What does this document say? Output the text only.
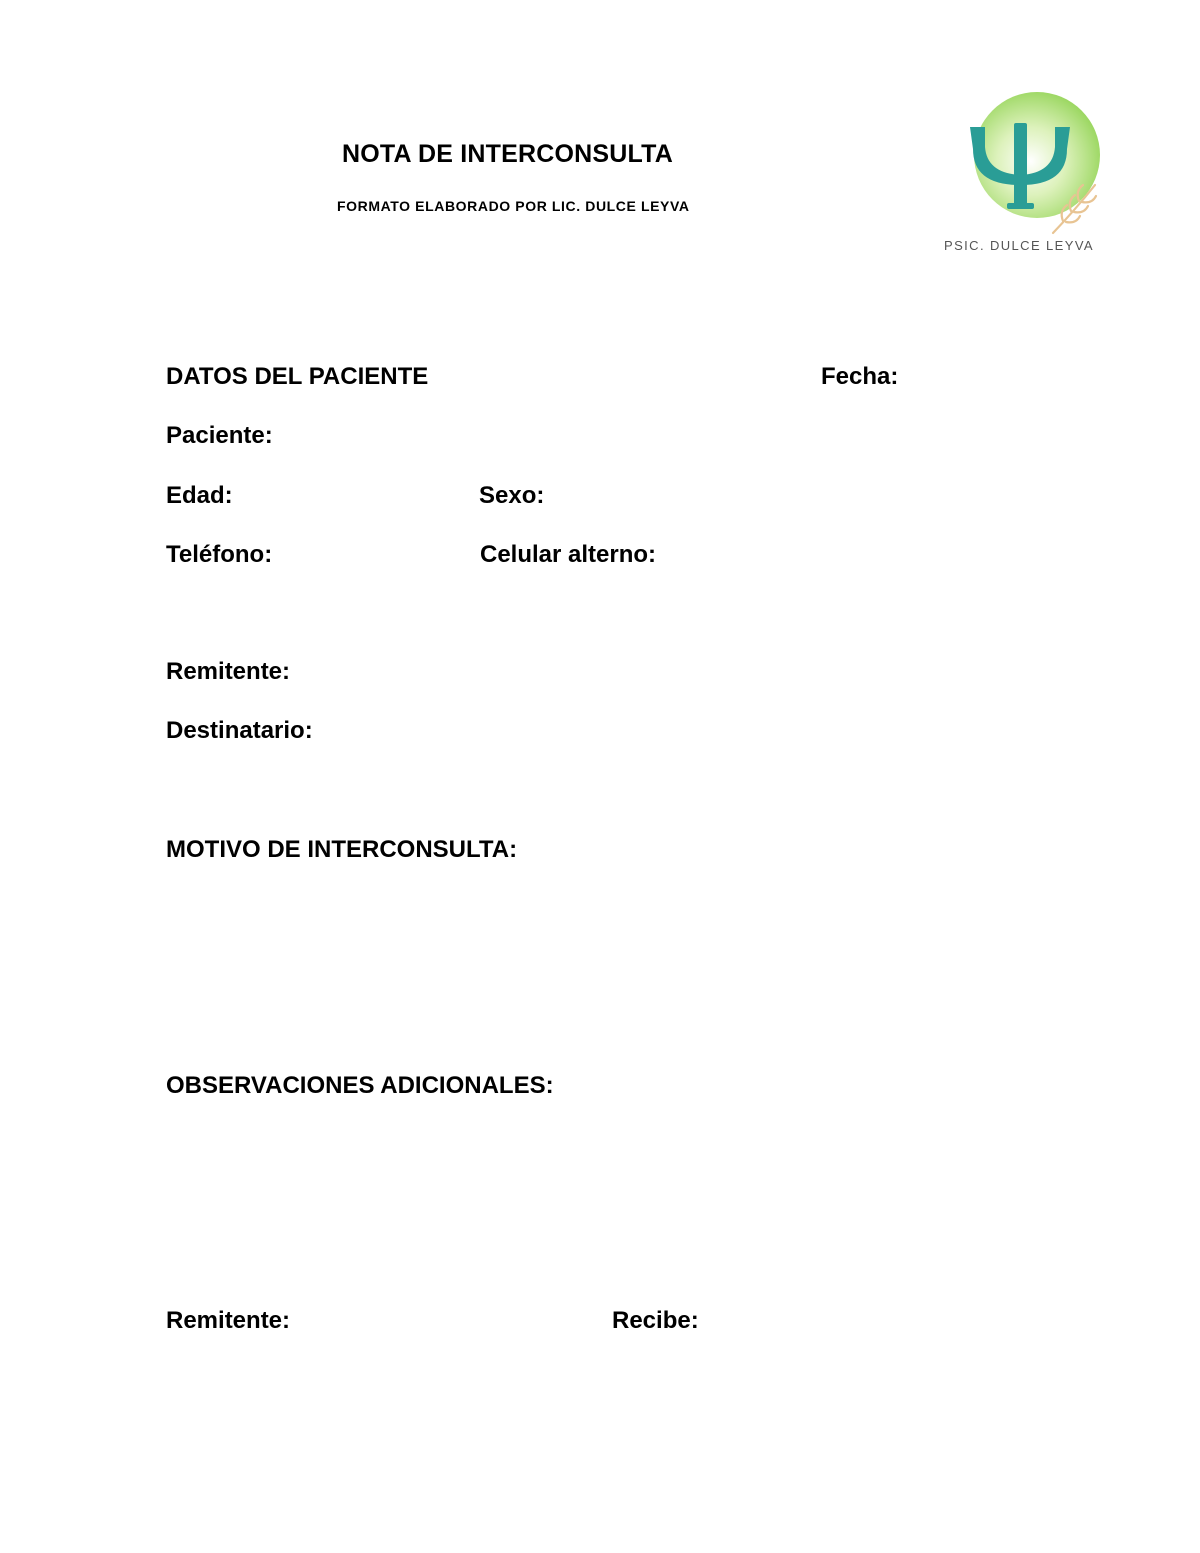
NOTA DE INTERCONSULTA
FORMATO ELABORADO POR LIC. DULCE LEYVA
PSIC. DULCE LEYVA
DATOS DEL PACIENTE	Fecha:
Paciente:
Edad:	Sexo:
Teléfono:	Celular alterno:
Remitente:
Destinatario:
MOTIVO DE INTERCONSULTA:
OBSERVACIONES ADICIONALES:
Remitente:	Recibe:
